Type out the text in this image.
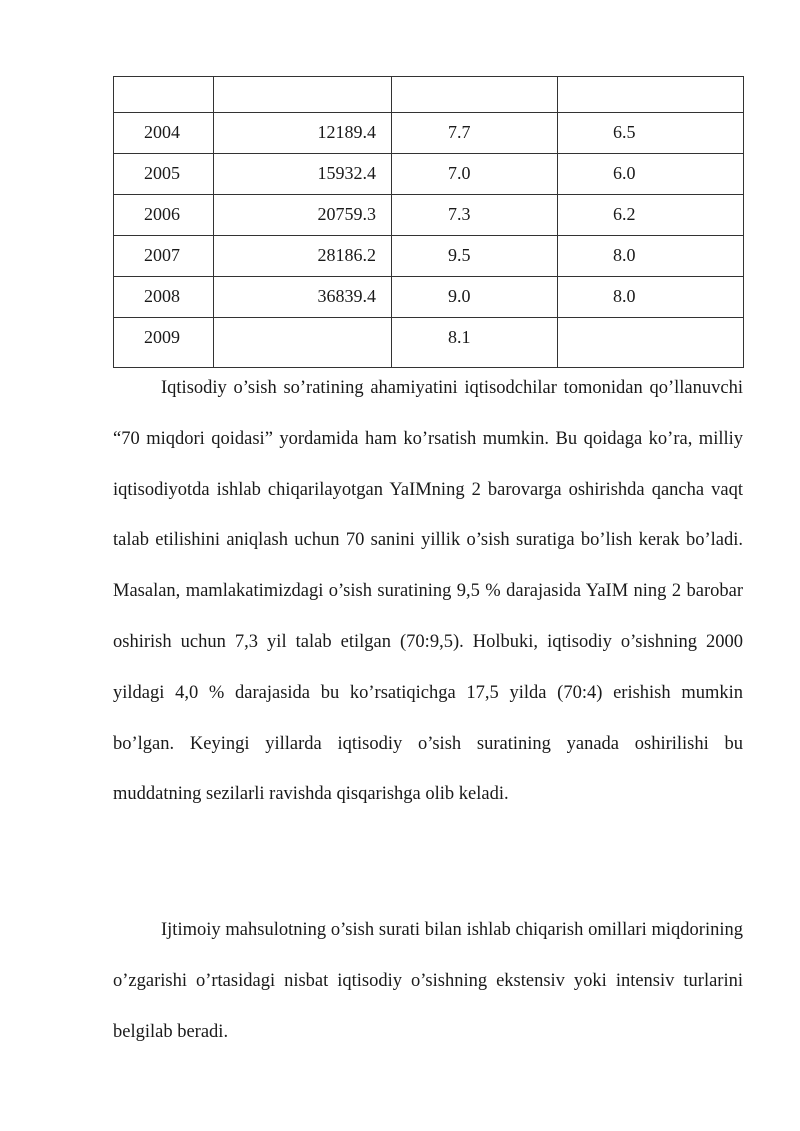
2004	12189.4	7.7	6.5
2005	15932.4	7.0	6.0
2006	20759.3	7.3	6.2
2007	28186.2	9.5	8.0
2008	36839.4	9.0	8.0
2009		8.1	

Iqtisodiy o’sish so’ratining ahamiyatini iqtisodchilar tomonidan qo’llanuvchi “70 miqdori qoidasi” yordamida ham ko’rsatish mumkin. Bu qoidaga ko’ra, milliy iqtisodiyotda ishlab chiqarilayotgan YaIMning 2 barovarga oshirishda qancha vaqt talab etilishini aniqlash uchun 70 sanini yillik o’sish suratiga bo’lish kerak bo’ladi. Masalan, mamlakatimizdagi o’sish suratining 9,5 % darajasida YaIM ning 2 barobar oshirish uchun 7,3 yil talab etilgan (70:9,5). Holbuki, iqtisodiy o’sishning 2000 yildagi 4,0 % darajasida bu ko’rsatiqichga 17,5 yilda (70:4) erishish mumkin bo’lgan. Keyingi yillarda iqtisodiy o’sish suratining yanada oshirilishi bu muddatning sezilarli ravishda qisqarishga olib keladi.

Ijtimoiy mahsulotning o’sish surati bilan ishlab chiqarish omillari miqdorining o’zgarishi o’rtasidagi nisbat iqtisodiy o’sishning ekstensiv yoki intensiv turlarini belgilab beradi.
